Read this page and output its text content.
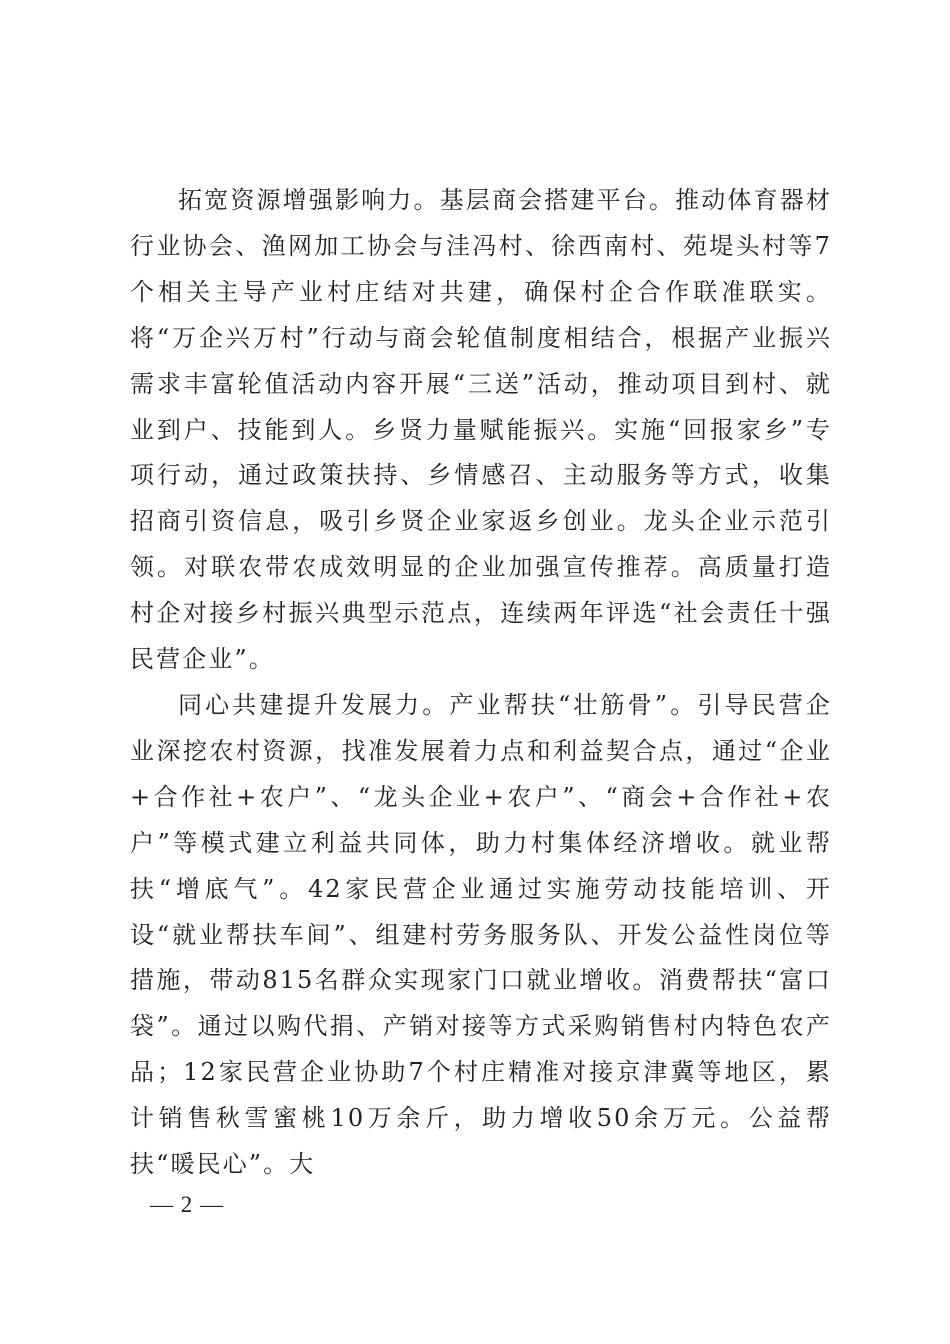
拓宽资源增强影响力。基层商会搭建平台。推动体育器材行业协会、渔网加工协会与洼冯村、徐西南村、苑堤头村等7个相关主导产业村庄结对共建，确保村企合作联准联实。将“万企兴万村”行动与商会轮值制度相结合，根据产业振兴需求丰富轮值活动内容开展“三送”活动，推动项目到村、就业到户、技能到人。乡贤力量赋能振兴。实施“回报家乡”专项行动，通过政策扶持、乡情感召、主动服务等方式，收集招商引资信息，吸引乡贤企业家返乡创业。龙头企业示范引领。对联农带农成效明显的企业加强宣传推荐。高质量打造村企对接乡村振兴典型示范点，连续两年评选“社会责任十强民营企业”。

同心共建提升发展力。产业帮扶“壮筋骨”。引导民营企业深挖农村资源，找准发展着力点和利益契合点，通过“企业+合作社+农户”、“龙头企业+农户”、“商会+合作社+农户”等模式建立利益共同体，助力村集体经济增收。就业帮扶“增底气”。42家民营企业通过实施劳动技能培训、开设“就业帮扶车间”、组建村劳务服务队、开发公益性岗位等措施，带动815名群众实现家门口就业增收。消费帮扶“富口袋”。通过以购代捐、产销对接等方式采购销售村内特色农产品；12家民营企业协助7个村庄精准对接京津冀等地区，累计销售秋雪蜜桃10万余斤，助力增收50余万元。公益帮扶“暖民心”。大

— 2 —
